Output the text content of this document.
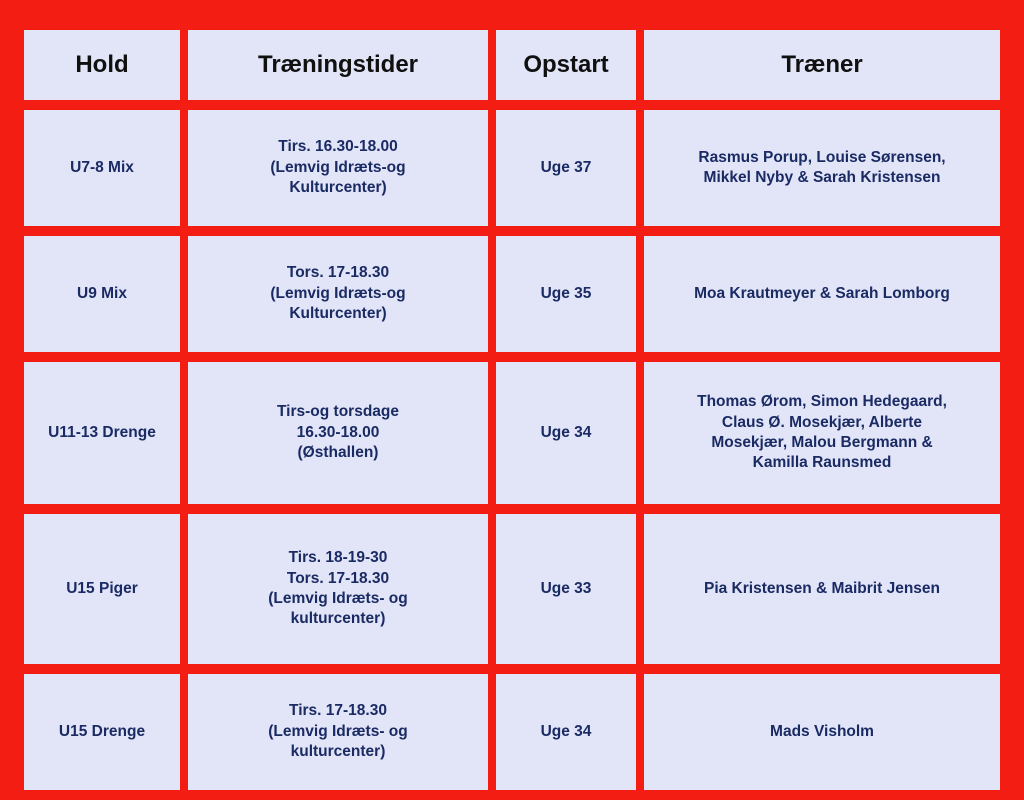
Hold	Træningstider	Opstart	Træner
U7-8 Mix	Tirs. 16.30-18.00
(Lemvig Idræts-og
Kulturcenter)	Uge 37	Rasmus Porup, Louise Sørensen,
Mikkel Nyby & Sarah Kristensen

U9 Mix	Tors. 17-18.30
(Lemvig Idræts-og
Kulturcenter)	Uge 35	Moa Krautmeyer & Sarah Lomborg

U11-13 Drenge	Tirs-og torsdage
16.30-18.00
(Østhallen)	Uge 34	Thomas Ørom, Simon Hedegaard,
Claus Ø. Mosekjær, Alberte
Mosekjær, Malou Bergmann &
Kamilla Raunsmed

U15 Piger	Tirs. 18-19-30
Tors. 17-18.30
(Lemvig Idræts- og
kulturcenter)	Uge 33	Pia Kristensen & Maibrit Jensen

U15 Drenge	Tirs. 17-18.30
(Lemvig Idræts- og
kulturcenter)	Uge 34	Mads Visholm
